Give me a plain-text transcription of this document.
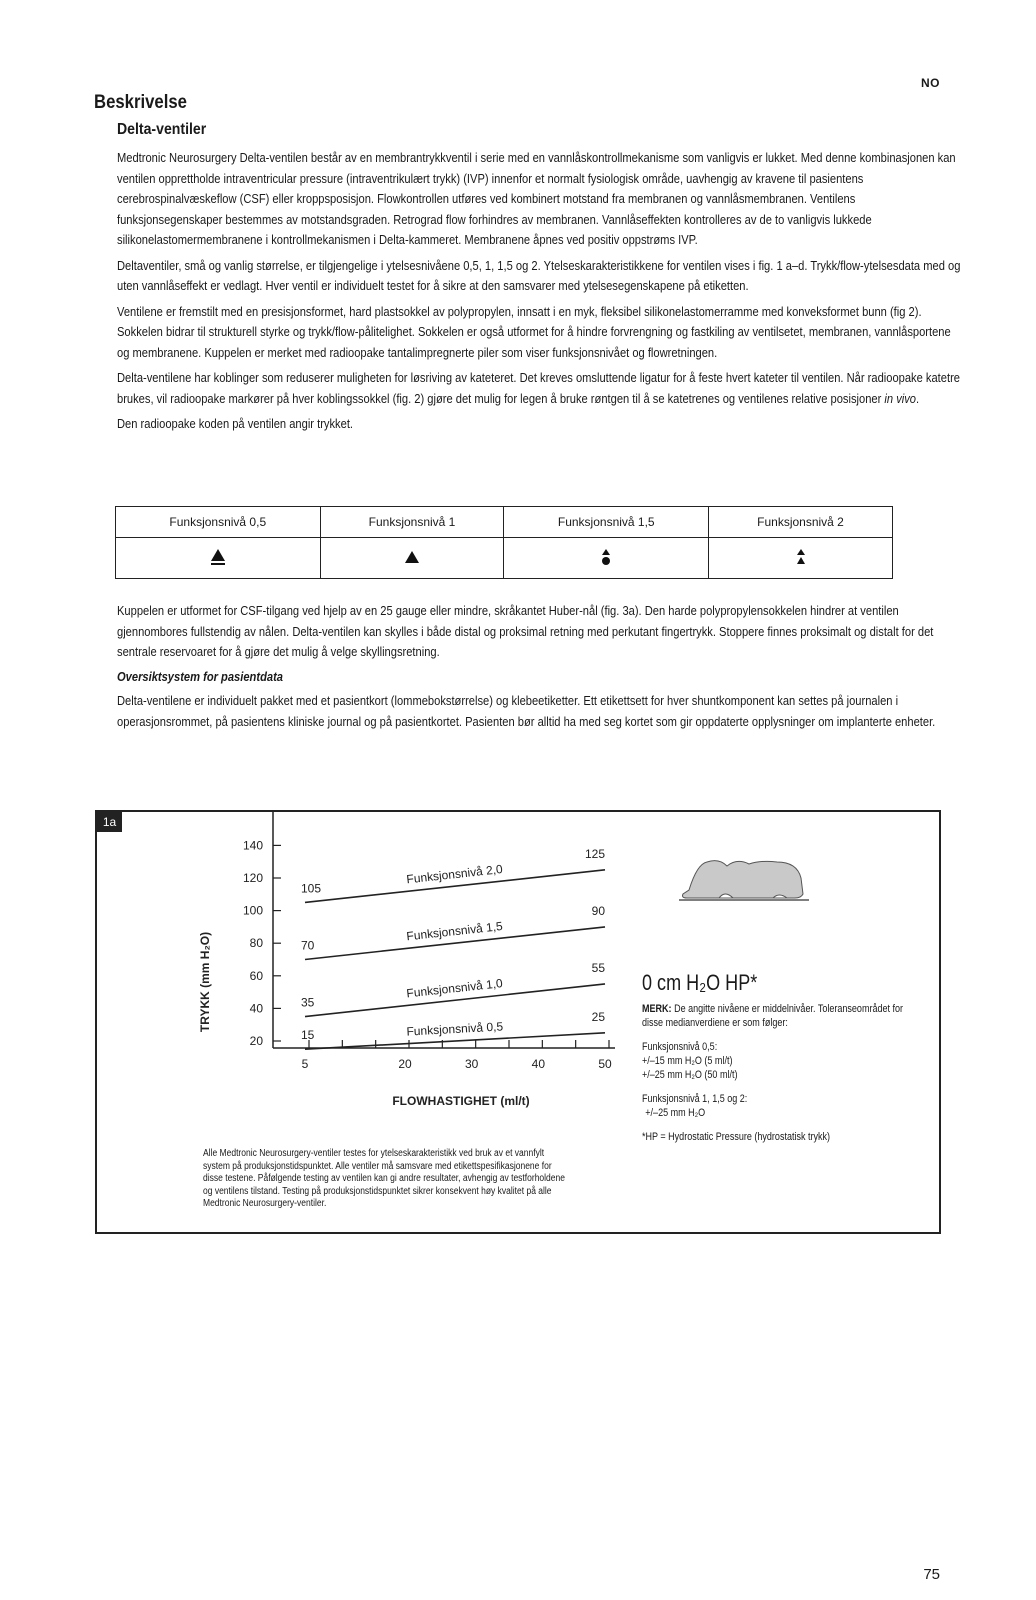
NO
Beskrivelse
Delta-ventiler

Medtronic Neurosurgery Delta-ventilen består av en membrantrykkventil i serie med en vannlåskontrollmekanisme som vanligvis er lukket. Med denne kombinasjonen kan ventilen opprettholde intraventricular pressure (intraventrikulært trykk) (IVP) innenfor et normalt fysiologisk område, uavhengig av kravene til pasientens cerebrospinalvæskeflow (CSF) eller kroppsposisjon. Flowkontrollen utføres ved kombinert motstand fra membranen og vannlåsmembranen. Ventilens funksjonsegenskaper bestemmes av motstandsgraden. Retrograd flow forhindres av membranen. Vannlåseffekten kontrolleres av de to vanligvis lukkede silikonelastomermembranene i kontrollmekanismen i Delta-kammeret. Membranene åpnes ved positiv oppstrøms IVP.

Deltaventiler, små og vanlig størrelse, er tilgjengelige i ytelsesnivåene 0,5, 1, 1,5 og 2. Ytelseskarakteristikkene for ventilen vises i fig. 1 a–d. Trykk/flow-ytelsesdata med og uten vannlåseffekt er vedlagt. Hver ventil er individuelt testet for å sikre at den samsvarer med ytelsesegenskapene på etiketten.

Ventilene er fremstilt med en presisjonsformet, hard plastsokkel av polypropylen, innsatt i en myk, fleksibel silikonelastomerramme med konveksformet bunn (fig 2). Sokkelen bidrar til strukturell styrke og trykk/flow-pålitelighet. Sokkelen er også utformet for å hindre forvrengning og fastkiling av ventilsetet, membranen, vannlåsportene og membranene. Kuppelen er merket med radioopake tantalimpregnerte piler som viser funksjonsnivået og flowretningen.

Delta-ventilene har koblinger som reduserer muligheten for løsriving av kateteret. Det kreves omsluttende ligatur for å feste hvert kateter til ventilen. Når radioopake katetre brukes, vil radioopake markører på hver koblingssokkel (fig. 2) gjøre det mulig for legen å bruke røntgen til å se katetrenes og ventilenes relative posisjoner in vivo.

Den radioopake koden på ventilen angir trykket.

Funksjonsnivå 0,5	Funksjonsnivå 1	Funksjonsnivå 1,5	Funksjonsnivå 2

Kuppelen er utformet for CSF-tilgang ved hjelp av en 25 gauge eller mindre, skråkantet Huber-nål (fig. 3a). Den harde polypropylensokkelen hindrer at ventilen gjennombores fullstendig av nålen. Delta-ventilen kan skylles i både distal og proksimal retning med perkutant fingertrykk. Stoppere finnes proksimalt og distalt for det sentrale reservoaret for å gjøre det mulig å velge skyllingsretning.

Oversiktsystem for pasientdata

Delta-ventilene er individuelt pakket med et pasientkort (lommebokstørrelse) og klebeetiketter. Ett etikettsett for hver shuntkomponent kan settes på journalen i operasjonsrommet, på pasientens kliniske journal og på pasientkortet. Pasienten bør alltid ha med seg kortet som gir oppdaterte opplysninger om implanterte enheter.

1a
20
40
60
80
100
120
140
5	20	30	40	50
105
125
Funksjonsnivå 2,0
70
90
Funksjonsnivå 1,5
35
55
Funksjonsnivå 1,0
15
25
Funksjonsnivå 0,5
TRYKK (mm H₂O)
FLOWHASTIGHET (ml/t)
0 cm H₂O HP*
MERK: De angitte nivåene er middelnivåer. Toleranseområdet for disse medianverdiene er som følger:
Funksjonsnivå 0,5:
+/–15 mm H₂O (5 ml/t)
+/–25 mm H₂O (50 ml/t)
Funksjonsnivå 1, 1,5 og 2:
+/–25 mm H₂O
*HP = Hydrostatic Pressure (hydrostatisk trykk)
Alle Medtronic Neurosurgery-ventiler testes for ytelseskarakteristikk ved bruk av et vannfylt system på produksjonstidspunktet. Alle ventiler må samsvare med etikettspesifikasjonene for disse testene. Påfølgende testing av ventilen kan gi andre resultater, avhengig av testforholdene og ventilens tilstand. Testing på produksjonstidspunktet sikrer konsekvent høy kvalitet på alle Medtronic Neurosurgery-ventiler.
75
